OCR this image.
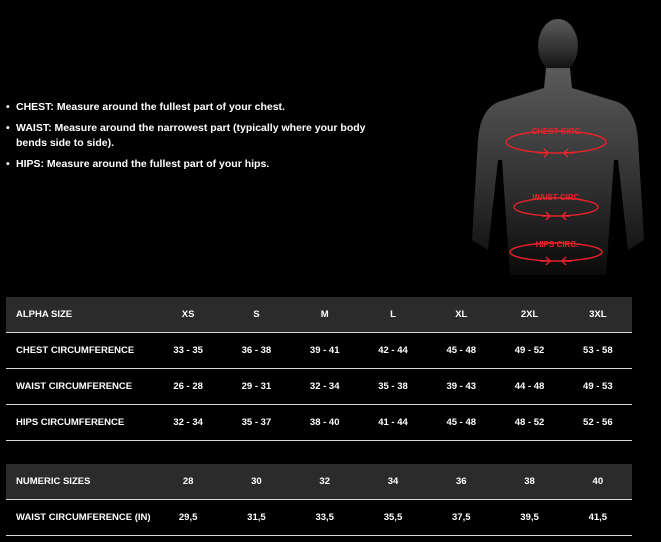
• CHEST: Measure around the fullest part of your chest.
• WAIST: Measure around the narrowest part (typically where your body bends side to side).
• HIPS: Measure around the fullest part of your hips.
CHEST CIRC.
WAIST CIRC.
HIPS CIRC.
ALPHA SIZE	XS	S	M	L	XL	2XL	3XL
CHEST CIRCUMFERENCE	33 - 35	36 - 38	39 - 41	42 - 44	45 - 48	49 - 52	53 - 58
WAIST CIRCUMFERENCE	26 - 28	29 - 31	32 - 34	35 - 38	39 - 43	44 - 48	49 - 53
HIPS CIRCUMFERENCE	32 - 34	35 - 37	38 - 40	41 - 44	45 - 48	48 - 52	52 - 56
NUMERIC SIZES	28	30	32	34	36	38	40
WAIST CIRCUMFERENCE (IN)	29,5	31,5	33,5	35,5	37,5	39,5	41,5
